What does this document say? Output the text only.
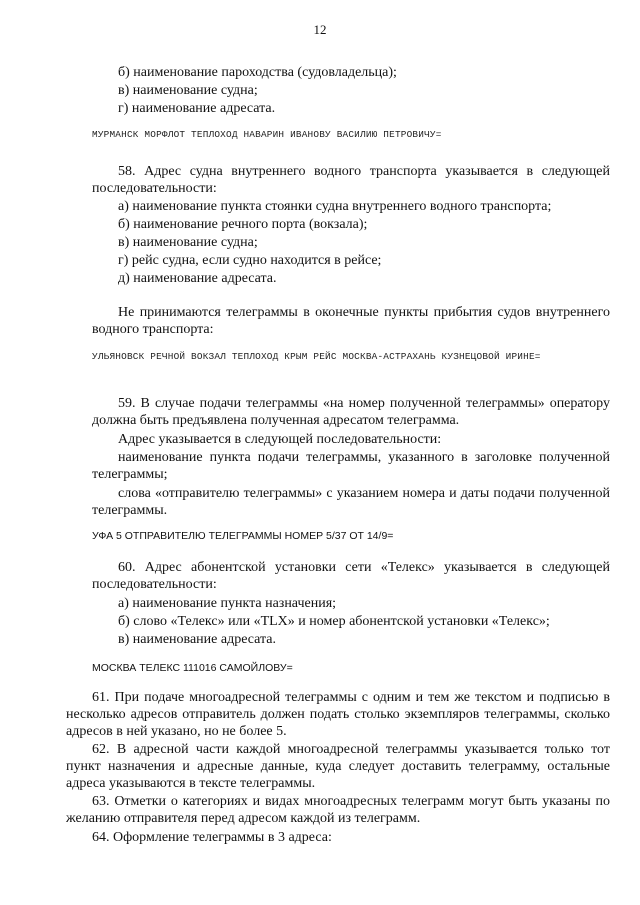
12
б) наименование пароходства (судовладельца);
в) наименование судна;
г) наименование адресата.
МУРМАНСК МОРФЛОТ ТЕПЛОХОД НАВАРИН ИВАНОВУ ВАСИЛИЮ ПЕТРОВИЧУ=
58. Адрес судна внутреннего водного транспорта указывается в следующей последовательности:
а) наименование пункта стоянки судна внутреннего водного транспорта;
б) наименование речного порта (вокзала);
в) наименование судна;
г) рейс судна, если судно находится в рейсе;
д) наименование адресата.
Не принимаются телеграммы в оконечные пункты прибытия судов внутреннего водного транспорта:
УЛЬЯНОВСК РЕЧНОЙ ВОКЗАЛ ТЕПЛОХОД КРЫМ РЕЙС МОСКВА-АСТРАХАНЬ КУЗНЕЦОВОЙ ИРИНЕ=
59. В случае подачи телеграммы «на номер полученной телеграммы» оператору должна быть предъявлена полученная адресатом телеграмма.
Адрес указывается в следующей последовательности:
наименование пункта подачи телеграммы, указанного в заголовке полученной телеграммы;
слова «отправителю телеграммы» с указанием номера и даты подачи полученной телеграммы.
УФА 5 ОТПРАВИТЕЛЮ ТЕЛЕГРАММЫ НОМЕР 5/37 ОТ 14/9=
60. Адрес абонентской установки сети «Телекс» указывается в следующей последовательности:
а) наименование пункта назначения;
б) слово «Телекс» или «TLX» и номер абонентской установки «Телекс»;
в) наименование адресата.
МОСКВА ТЕЛЕКС 111016 САМОЙЛОВУ=
61. При подаче многоадресной телеграммы с одним и тем же текстом и подписью в несколько адресов отправитель должен подать столько экземпляров телеграммы, сколько адресов в ней указано, но не более 5.
62. В адресной части каждой многоадресной телеграммы указывается только тот пункт назначения и адресные данные, куда следует доставить телеграмму, остальные адреса указываются в тексте телеграммы.
63. Отметки о категориях и видах многоадресных телеграмм могут быть указаны по желанию отправителя перед адресом каждой из телеграмм.
64. Оформление телеграммы в 3 адреса:
